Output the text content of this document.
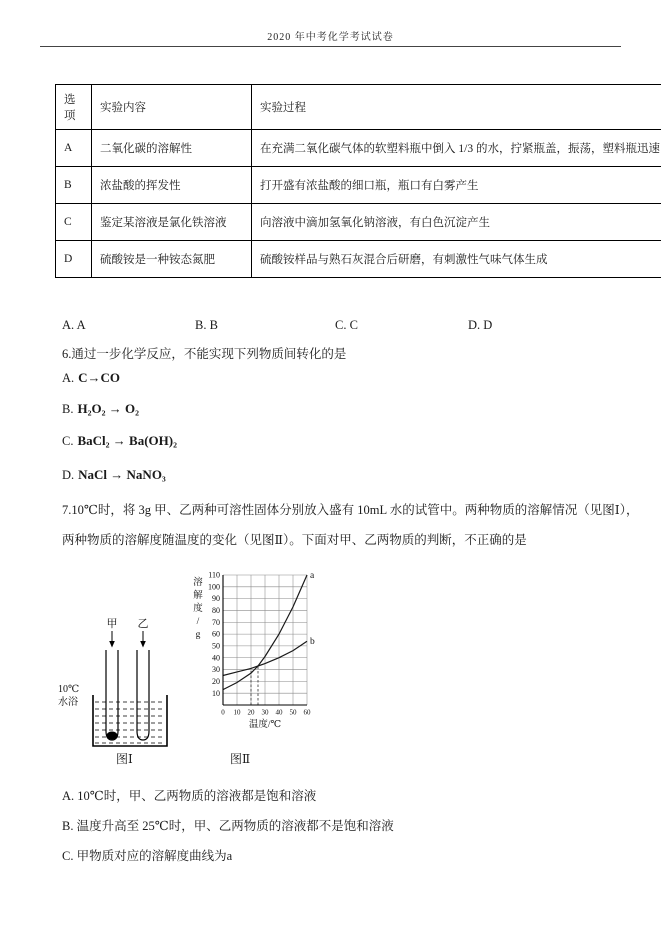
2020 年中考化学考试试卷
选项	实验内容	实验过程
A	二氧化碳的溶解性	在充满二氧化碳气体的软塑料瓶中倒入 1/3 的水，拧紧瓶盖，振荡，塑料瓶迅速
B	浓盐酸的挥发性	打开盛有浓盐酸的细口瓶，瓶口有白雾产生
C	鉴定某溶液是氯化铁溶液	向溶液中滴加氢氧化钠溶液，有白色沉淀产生
D	硫酸铵是一种铵态氮肥	硫酸铵样品与熟石灰混合后研磨，有刺激性气味气体生成
A. A	B. B	C. C	D. D
6.通过一步化学反应，不能实现下列物质间转化的是
A. C→CO
B. H₂O₂ → O₂
C. BaCl₂ → Ba(OH)₂
D. NaCl → NaNO₃
7.10℃时，将 3g 甲、乙两种可溶性固体分别放入盛有 10mL 水的试管中。两种物质的溶解情况（见图Ⅰ），
两种物质的溶解度随温度的变化（见图Ⅱ）。下面对甲、乙两物质的判断，不正确的是
甲 乙
10℃
水浴
a
b
10
20
30
40
50
60
70
80
90
100
110
0 10 20 30 40 50 60
温度/℃
溶
解
度
/
g
图Ⅰ	图Ⅱ
A. 10℃时，甲、乙两物质的溶液都是饱和溶液
B. 温度升高至 25℃时，甲、乙两物质的溶液都不是饱和溶液
C. 甲物质对应的溶解度曲线为a
